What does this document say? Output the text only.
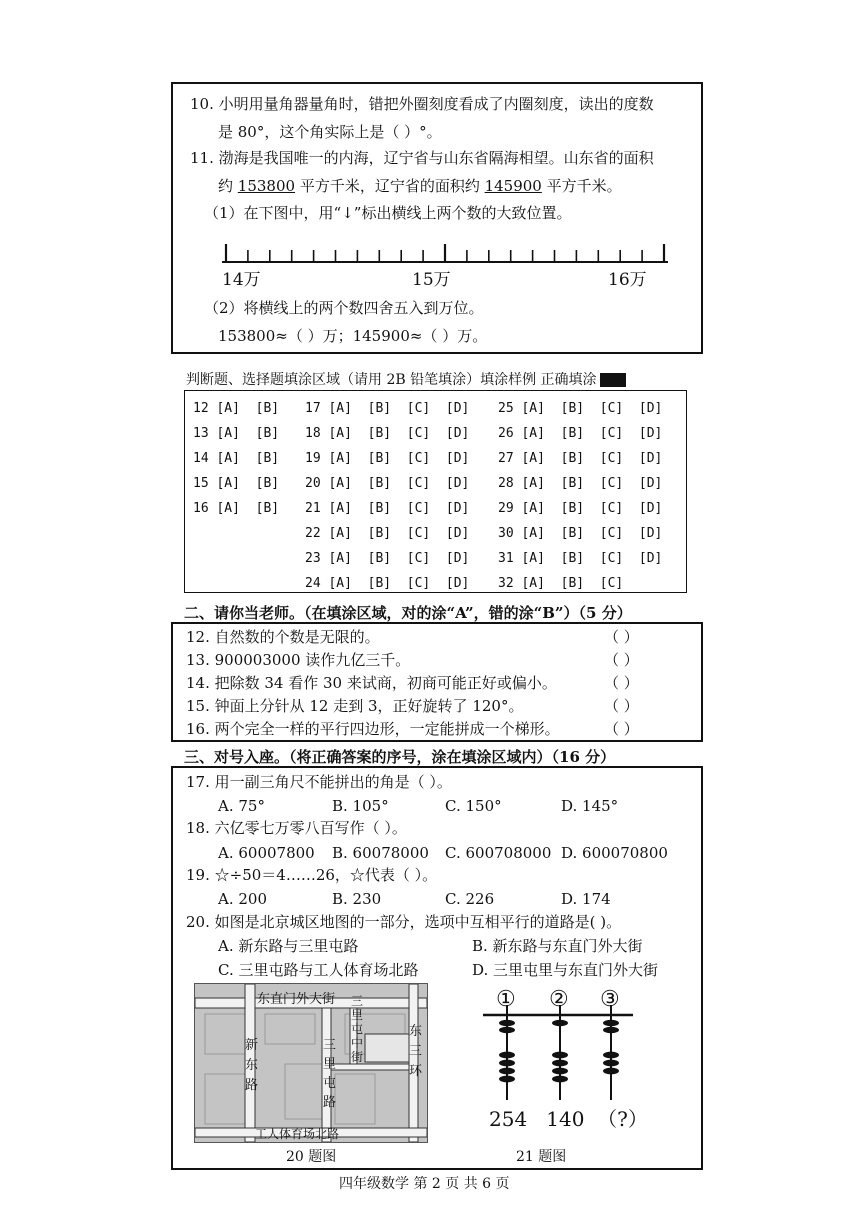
10. 小明用量角器量角时，错把外圈刻度看成了内圈刻度，读出的度数
是 80°，这个角实际上是（ ）°。
11. 渤海是我国唯一的内海，辽宁省与山东省隔海相望。山东省的面积
约 153800 平方千米，辽宁省的面积约 145900 平方千米。
（1）在下图中，用“↓”标出横线上两个数的大致位置。
14万	15万	16万
（2）将横线上的两个数四舍五入到万位。
153800≈（ ）万；145900≈（ ）万。
判断题、选择题填涂区域（请用 2B 铅笔填涂）填涂样例 正确填涂
12 [A]  [B]
13 [A]  [B]
14 [A]  [B]
15 [A]  [B]
16 [A]  [B]
17 [A]  [B]  [C]  [D]
18 [A]  [B]  [C]  [D]
19 [A]  [B]  [C]  [D]
20 [A]  [B]  [C]  [D]
21 [A]  [B]  [C]  [D]
22 [A]  [B]  [C]  [D]
23 [A]  [B]  [C]  [D]
24 [A]  [B]  [C]  [D]
25 [A]  [B]  [C]  [D]
26 [A]  [B]  [C]  [D]
27 [A]  [B]  [C]  [D]
28 [A]  [B]  [C]  [D]
29 [A]  [B]  [C]  [D]
30 [A]  [B]  [C]  [D]
31 [A]  [B]  [C]  [D]
32 [A]  [B]  [C]
二、请你当老师。（在填涂区域，对的涂“A”，错的涂“B”）（5 分）
12. 自然数的个数是无限的。	（ ）
13. 900003000 读作九亿三千。	（ ）
14. 把除数 34 看作 30 来试商，初商可能正好或偏小。	（ ）
15. 钟面上分针从 12 走到 3，正好旋转了 120°。	（ ）
16. 两个完全一样的平行四边形，一定能拼成一个梯形。	（ ）
三、对号入座。（将正确答案的序号，涂在填涂区域内）（16 分）
17. 用一副三角尺不能拼出的角是（ ）。
A. 75°	B. 105°	C. 150°	D. 145°
18. 六亿零七万零八百写作（ ）。
A. 60007800 B. 60078000 C. 600708000 D. 600070800
19. ☆÷50＝4……26，☆代表（ ）。
A. 200	B. 230	C. 226	D. 174
20. 如图是北京城区地图的一部分，选项中互相平行的道路是( )。
A. 新东路与三里屯路	B. 新东路与东直门外大街
C. 三里屯路与工人体育场北路	D. 三里屯里与东直门外大街
东直门外大街
新
东
路
三
里
屯
路
三
里
屯
中
街
东
三
环
工人体育场北路
20 题图
① ② ③
254   140  （?）
21 题图
四年级数学 第 2 页 共 6 页
